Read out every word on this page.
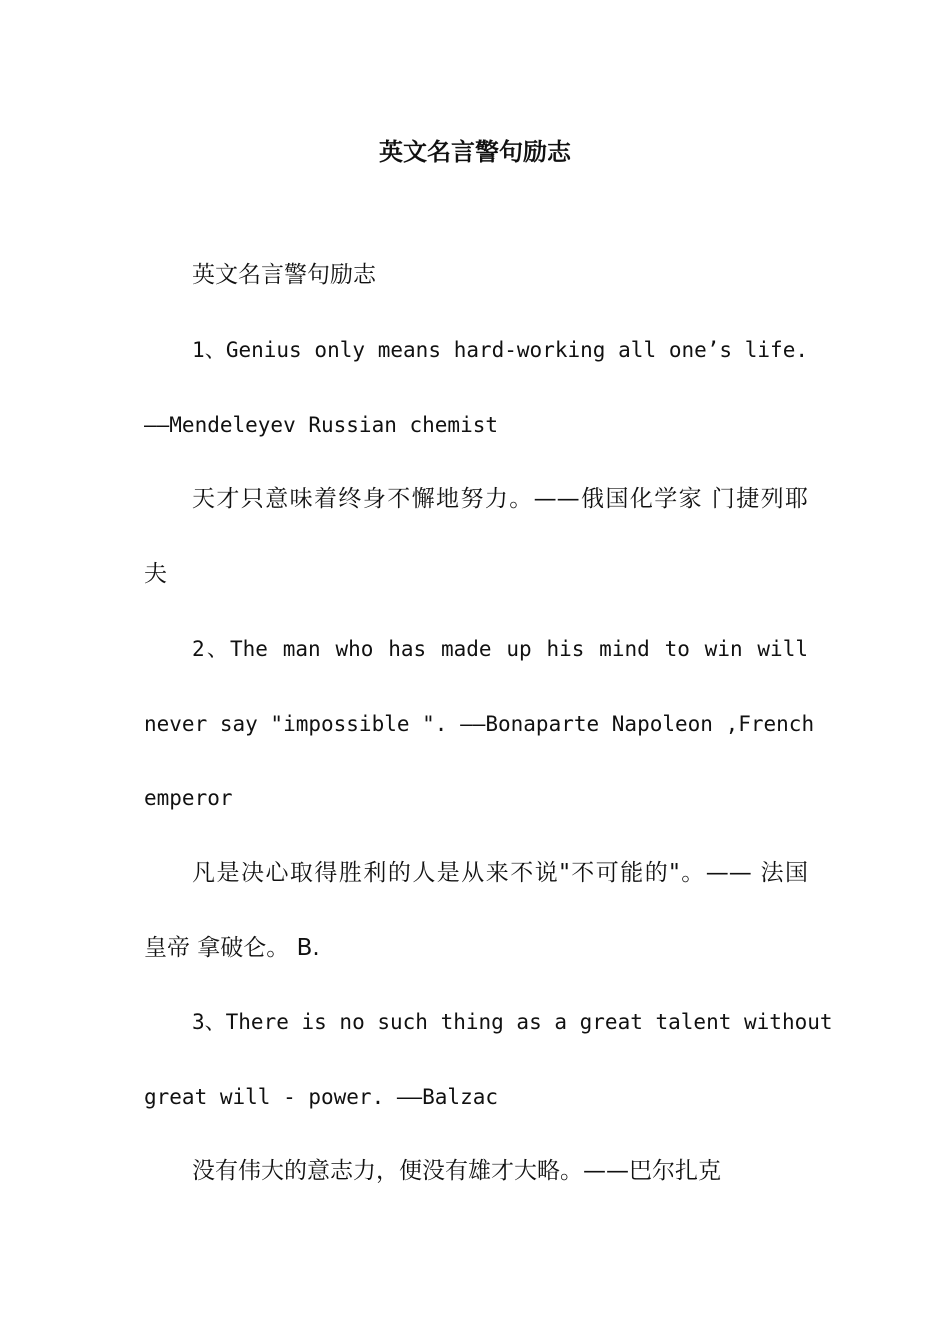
英文名言警句励志

英文名言警句励志

1、Genius only means hard-working all one’s life.

——Mendeleyev Russian chemist

天才只意味着终身不懈地努力。——俄国化学家 门捷列耶

夫

2、The man who has made up his mind to win will

never say "impossible ". ——Bonaparte Napoleon ,French

emperor

凡是决心取得胜利的人是从来不说"不可能的"。—— 法国

皇帝 拿破仑。 B.

3、There is no such thing as a great talent without

great will - power. ——Balzac

没有伟大的意志力，便没有雄才大略。——巴尔扎克
